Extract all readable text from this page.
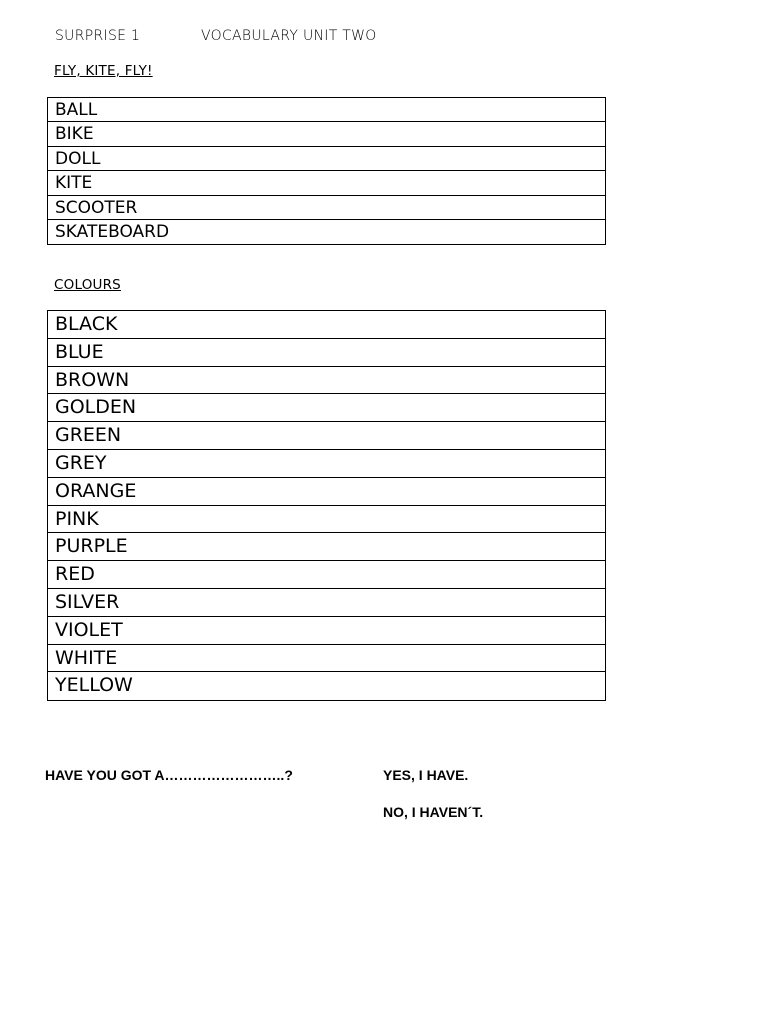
SURPRISE 1	VOCABULARY UNIT TWO
FLY, KITE, FLY!
BALL
BIKE
DOLL
KITE
SCOOTER
SKATEBOARD
COLOURS
BLACK
BLUE
BROWN
GOLDEN
GREEN
GREY
ORANGE
PINK
PURPLE
RED
SILVER
VIOLET
WHITE
YELLOW
HAVE YOU GOT A……………………..?	YES, I HAVE.
NO, I HAVEN´T.
